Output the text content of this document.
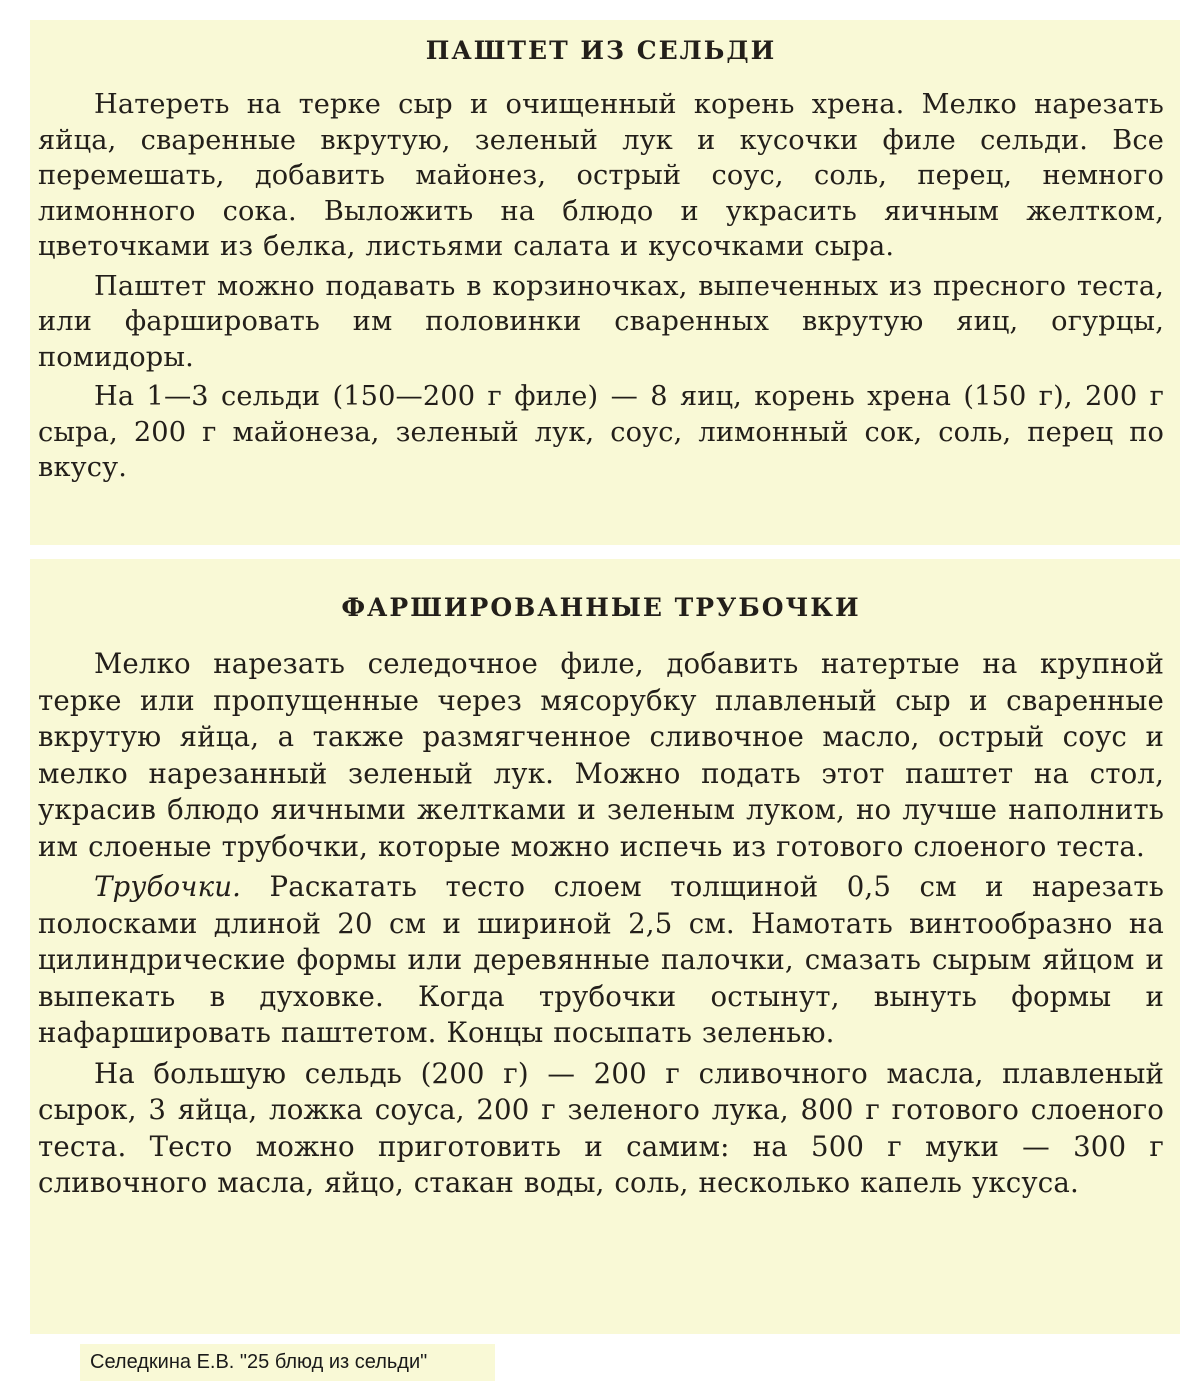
ПАШТЕТ ИЗ СЕЛЬДИ

Натереть на терке сыр и очищенный корень хрена. Мелко нарезать яйца, сваренные вкрутую, зеленый лук и кусочки филе сельди. Все перемешать, добавить майонез, острый соус, соль, перец, немного лимонного сока. Выложить на блюдо и украсить яичным желтком, цветочками из белка, листьями салата и кусочками сыра.

Паштет можно подавать в корзиночках, выпеченных из пресного теста, или фаршировать им половинки сваренных вкрутую яиц, огурцы, помидоры.

На 1—3 сельди (150—200 г филе) — 8 яиц, корень хрена (150 г), 200 г сыра, 200 г майонеза, зеленый лук, соус, лимонный сок, соль, перец по вкусу.

ФАРШИРОВАННЫЕ ТРУБОЧКИ

Мелко нарезать селедочное филе, добавить натертые на крупной терке или пропущенные через мясорубку плавленый сыр и сваренные вкрутую яйца, а также размягченное сливочное масло, острый соус и мелко нарезанный зеленый лук. Можно подать этот паштет на стол, украсив блюдо яичными желтками и зеленым луком, но лучше наполнить им слоеные трубочки, которые можно испечь из готового слоеного теста.

Трубочки. Раскатать тесто слоем толщиной 0,5 см и нарезать полосками длиной 20 см и шириной 2,5 см. Намотать винтообразно на цилиндрические формы или деревянные палочки, смазать сырым яйцом и выпекать в духовке. Когда трубочки остынут, вынуть формы и нафаршировать паштетом. Концы посыпать зеленью.

На большую сельдь (200 г) — 200 г сливочного масла, плавленый сырок, 3 яйца, ложка соуса, 200 г зеленого лука, 800 г готового слоеного теста. Тесто можно приготовить и самим: на 500 г муки — 300 г сливочного масла, яйцо, стакан воды, соль, несколько капель уксуса.

Селедкина Е.В. "25 блюд из сельди"
